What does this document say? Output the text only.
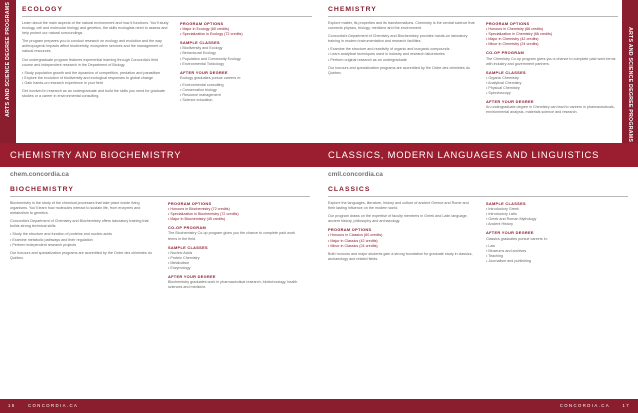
ARTS AND SCIENCE DEGREE PROGRAMS ECOLOGY

Learn about the main aspects of the natural environment and how it functions. You'll study ecology, cell and molecular biology and genetics, the skills ecologists need to assess and help protect our natural surroundings.

The program prepares you to conduct research on ecology and evolution and the way anthropogenic impacts affect biodiversity, ecosystem services and the management of natural resources.

Our undergraduate program features experiential learning through Concordia's field course and independent research in the Department of Biology.

• Study population growth and the dynamics of competition, predation and parasitism
• Explore the evolution of biodiversity and ecological responses to global change
• Gain hands-on research experience in your field

Get involved in research as an undergraduate and build the skills you need for graduate studies or a career in environmental consulting.

PROGRAM OPTIONS
• Major in Ecology (60 credits)
• Specialization in Ecology (72 credits)
SAMPLE CLASSES
• Biodiversity and Ecology
• Behavioural Ecology
• Population and Community Ecology
• Environmental Toxicology
AFTER YOUR DEGREE
Ecology graduates pursue careers in:
• Environmental consulting
• Conservation biology
• Resource management
• Science education
CHEMISTRY AND BIOCHEMISTRY
chem.concordia.ca
BIOCHEMISTRY

Biochemistry is the study of the chemical processes that take place inside living organisms. You'll learn how molecules interact to sustain life, from enzymes and metabolism to genetics.

Concordia's Department of Chemistry and Biochemistry offers laboratory training that builds strong technical skills.

• Study the structure and function of proteins and nucleic acids
• Examine metabolic pathways and their regulation
• Perform independent research projects

Our honours and specialization programs are accredited by the Ordre des chimistes du Québec.

PROGRAM OPTIONS
• Honours in Biochemistry (72 credits)
• Specialization in Biochemistry (72 credits)
• Major in Biochemistry (45 credits)
CO-OP PROGRAM
The Biochemistry Co-op program gives you the chance to complete paid work terms in the field.
SAMPLE CLASSES
• Nucleic Acids
• Protein Chemistry
• Metabolism
• Enzymology
AFTER YOUR DEGREE
Biochemistry graduates work in pharmaceutical research, biotechnology, health sciences and medicine.
16	CONCORDIA.CA
ARTS AND SCIENCE DEGREE PROGRAMS
CHEMISTRY

Explore matter, its properties and its transformations. Chemistry is the central science that connects physics, biology, medicine and the environment.

Concordia's Department of Chemistry and Biochemistry provides hands-on laboratory training in modern instrumentation and research facilities.

• Examine the structure and reactivity of organic and inorganic compounds
• Learn analytical techniques used in industry and research laboratories
• Perform original research as an undergraduate

Our honours and specialization programs are accredited by the Ordre des chimistes du Québec.

PROGRAM OPTIONS
• Honours in Chemistry (66 credits)
• Specialization in Chemistry (66 credits)
• Major in Chemistry (42 credits)
• Minor in Chemistry (24 credits)
CO-OP PROGRAM
The Chemistry Co-op program gives you a chance to complete paid work terms with industry and government partners.
SAMPLE CLASSES
• Organic Chemistry
• Analytical Chemistry
• Physical Chemistry
• Spectroscopy
AFTER YOUR DEGREE
An undergraduate degree in Chemistry can lead to careers in pharmaceuticals, environmental analysis, materials science and research.
CLASSICS, MODERN LANGUAGES AND LINGUISTICS
cmll.concordia.ca
CLASSICS

Explore the languages, literature, history and culture of ancient Greece and Rome and their lasting influence on the modern world.

Our program draws on the expertise of faculty members in Greek and Latin language, ancient history, philosophy and archaeology.

PROGRAM OPTIONS
• Honours in Classics (60 credits)
• Major in Classics (42 credits)
• Minor in Classics (24 credits)

Both honours and major students gain a strong foundation for graduate study in classics, archaeology and related fields.

SAMPLE CLASSES
• Introductory Greek
• Introductory Latin
• Greek and Roman Mythology
• Ancient History
AFTER YOUR DEGREE
Classics graduates pursue careers in:
• Law
• Museums and archives
• Teaching
• Journalism and publishing
CONCORDIA.CA	17
